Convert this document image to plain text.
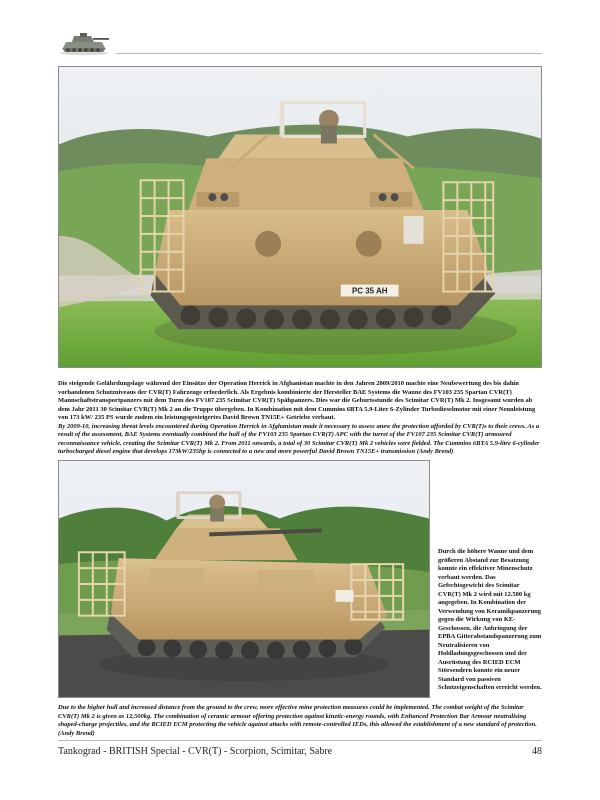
PC 35 AH
Die steigende Gefährdungslage während der Einsätze der Operation Herrick in Afghanistan machte in den Jahren 2009/2010 machte eine Neubewertung des bis dahin vorhandenen Schutzniveaus der CVR(T) Fahrzeuge erforderlich. Als Ergebnis kombinierte der Hersteller BAE Systems die Wanne des FV103 235 Spartan CVR(T) Mannschaftstransportpanzers mit dem Turm des FV107 235 Scimitar CVR(T) Spähpanzers. Dies war die Geburtsstunde des Scimitar CVR(T) Mk 2. Insgesamt wurden ab dem Jahr 2011 30 Scimitar CVR(T) Mk 2 an die Truppe übergeben. In Kombination mit dem Cummins 6BTA 5.9-Liter 6-Zylinder Turbodieselmotor mit einer Nennleistung von 173 kW/ 235 PS wurde zudem ein leistungsgesteigertes David Brown TN15E+ Getriebe verbaut.
By 2009-10, increasing threat levels encountered during Operation Herrick in Afghanistan made it necessary to assess anew the protection afforded by CVR(T)s to their crews. As a result of the assessment, BAE Systems eventually combined the hull of the FV103 235 Spartan CVR(T) APC with the turret of the FV107 235 Scimitar CVR(T) armoured reconnaissance vehicle, creating the Scimitar CVR(T) Mk 2. From 2011 onwards, a total of 30 Scimitar CVR(T) Mk 2 vehicles were fielded. The Cummins 6BTA 5.9-litre 6-cylinder turbocharged diesel engine that develops 173kW/235hp is connected to a new and more powerful David Brown TN15E+ transmission (Andy Brend)
Durch die höhere Wanne und dem größeren Abstand zur Besatzung konnte ein effektiver Minenschutz verbaut werden. Das Gefechtsgewicht des Scimitar CVR(T) Mk 2 wird mit 12.500 kg angegeben. In Kombination der Verwendung von Keramikpanzerung gegen die Wirkung von KE-Geschossen, die Anbringung der EPBA Gitterabstandspanzerung zum Neutralisieren von Hohlladungsgeschossen und der Ausrüstung des RCIED ECM Störsendern konnte ein neuer Standard von passiven Schutzeigenschaften erreicht werden.
Due to the higher hull and increased distance from the ground to the crew, more effective mine protection measures could be implemented. The combat weight of the Scimitar CVR(T) Mk 2 is given as 12,500kg. The combination of ceramic armour offering protection against kinetic-energy rounds, with Enhanced Protection Bar Armour neutralising shaped-charge projectiles, and the RCIED ECM protecting the vehicle against attacks with remote-controlled IEDs, this allowed the establishment of a new standard of protection. (Andy Brend)
Tankograd - BRITISH Special - CVR(T) - Scorpion, Scimitar, Sabre	48
